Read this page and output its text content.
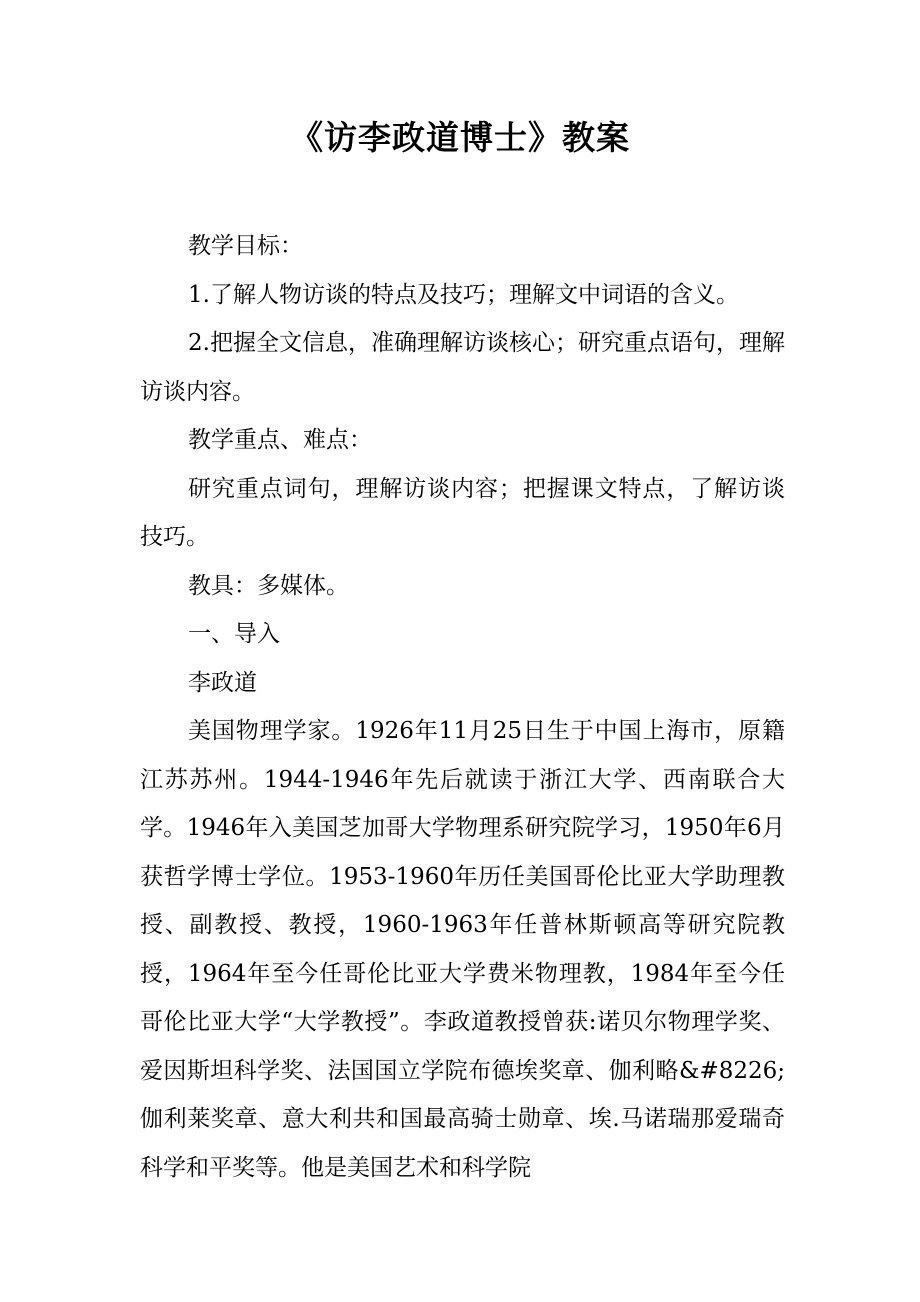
《访李政道博士》教案

教学目标：

1.了解人物访谈的特点及技巧；理解文中词语的含义。

2.把握全文信息，准确理解访谈核心；研究重点语句，理解访谈内容。

教学重点、难点：

研究重点词句，理解访谈内容；把握课文特点，了解访谈技巧。

教具：多媒体。

一、导入

李政道

美国物理学家。1926年11月25日生于中国上海市，原籍江苏苏州。1944-1946年先后就读于浙江大学、西南联合大学。1946年入美国芝加哥大学物理系研究院学习，1950年6月获哲学博士学位。1953-1960年历任美国哥伦比亚大学助理教授、副教授、教授，1960-1963年任普林斯顿高等研究院教授，1964年至今任哥伦比亚大学费米物理教，1984年至今任哥伦比亚大学“大学教授”。李政道教授曾获:诺贝尔物理学奖、爱因斯坦科学奖、法国国立学院布德埃奖章、伽利略&#8226;伽利莱奖章、意大利共和国最高骑士勋章、埃.马诺瑞那爱瑞奇科学和平奖等。他是美国艺术和科学院
